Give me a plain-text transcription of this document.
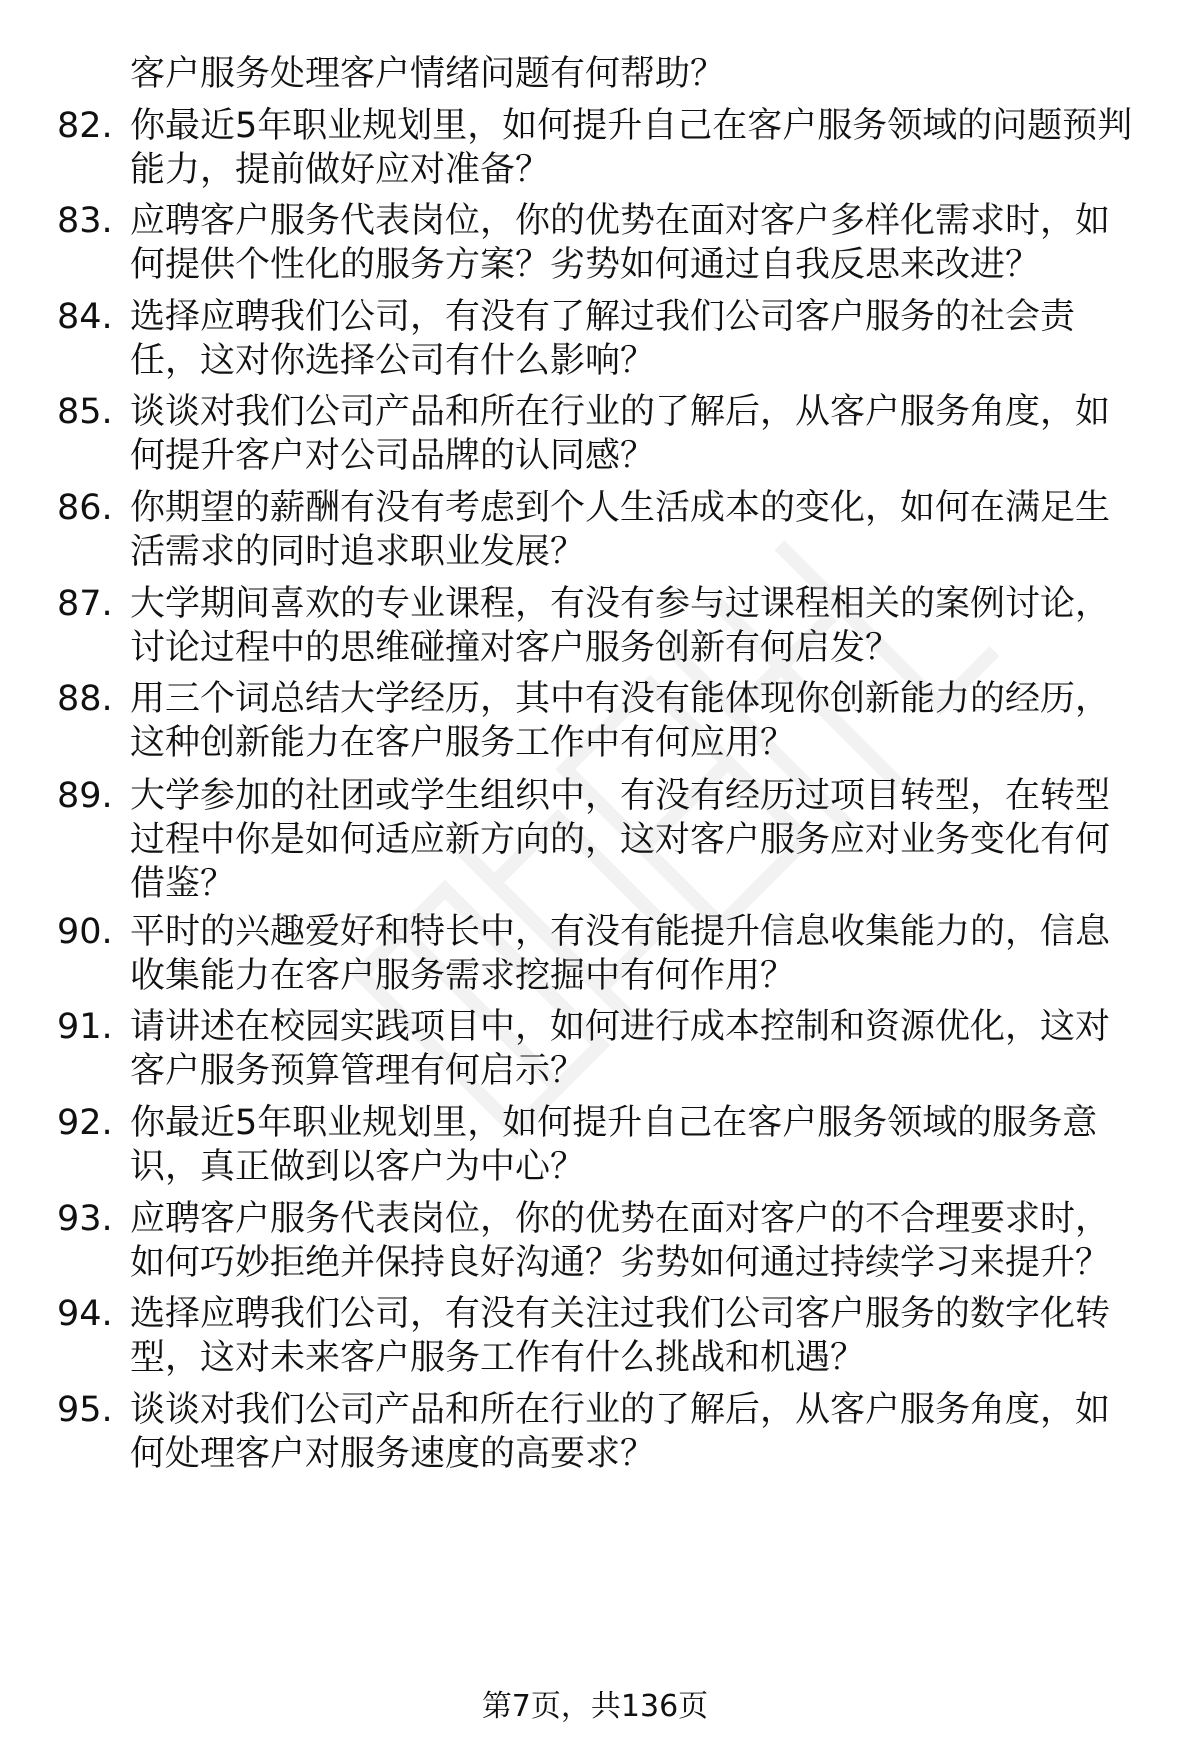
客户服务处理客户情绪问题有何帮助？
82. 你最近5年职业规划里，如何提升自己在客户服务领域的问题预判
能力，提前做好应对准备？
83. 应聘客户服务代表岗位，你的优势在面对客户多样化需求时，如
何提供个性化的服务方案？劣势如何通过自我反思来改进？
84. 选择应聘我们公司，有没有了解过我们公司客户服务的社会责
任，这对你选择公司有什么影响？
85. 谈谈对我们公司产品和所在行业的了解后，从客户服务角度，如
何提升客户对公司品牌的认同感？
86. 你期望的薪酬有没有考虑到个人生活成本的变化，如何在满足生
活需求的同时追求职业发展？
87. 大学期间喜欢的专业课程，有没有参与过课程相关的案例讨论，
讨论过程中的思维碰撞对客户服务创新有何启发？
88. 用三个词总结大学经历，其中有没有能体现你创新能力的经历，
这种创新能力在客户服务工作中有何应用？
89. 大学参加的社团或学生组织中，有没有经历过项目转型，在转型
过程中你是如何适应新方向的，这对客户服务应对业务变化有何
借鉴？
90. 平时的兴趣爱好和特长中，有没有能提升信息收集能力的，信息
收集能力在客户服务需求挖掘中有何作用？
91. 请讲述在校园实践项目中，如何进行成本控制和资源优化，这对
客户服务预算管理有何启示？
92. 你最近5年职业规划里，如何提升自己在客户服务领域的服务意
识，真正做到以客户为中心？
93. 应聘客户服务代表岗位，你的优势在面对客户的不合理要求时，
如何巧妙拒绝并保持良好沟通？劣势如何通过持续学习来提升？
94. 选择应聘我们公司，有没有关注过我们公司客户服务的数字化转
型，这对未来客户服务工作有什么挑战和机遇？
95. 谈谈对我们公司产品和所在行业的了解后，从客户服务角度，如
何处理客户对服务速度的高要求？
第7页，共136页
